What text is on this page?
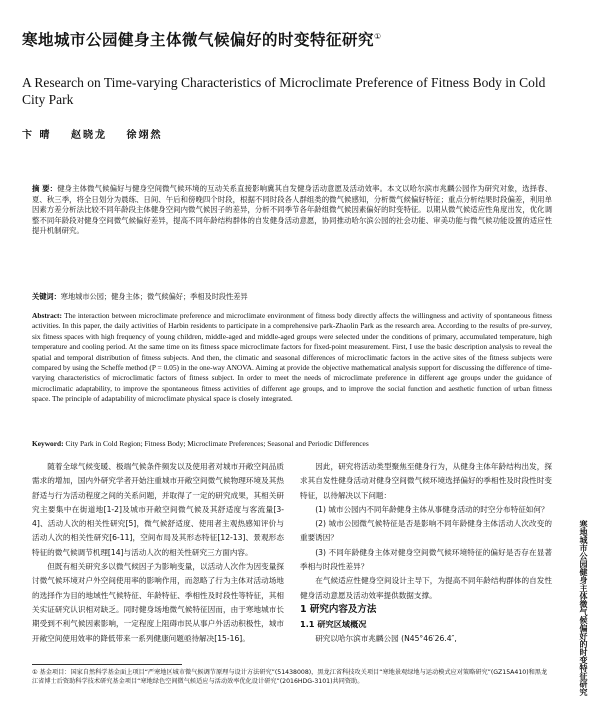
寒地城市公园健身主体微气候偏好的时变特征研究①
A Research on Time-varying Characteristics of Microclimate Preference of Fitness Body in Cold City Park
卞 晴 赵晓龙 徐翊然
摘 要：健身主体微气候偏好与健身空间微气候环境的互动关系直接影响冀其自发健身活动意愿及活动效率。本文以哈尔滨市兆麟公园作为研究对象，选择春、夏、秋三季，将全日划分为晨练、日间、午后和傍晚四个时段，根据不同时段各人群组类的微气候感知，分析微气候偏好特征；重点分析结果时段偏差，利用单因素方差分析法比较不同年龄段主体健身空间内微气候因子的差异，分析不同季节各年龄组微气候因素偏好的时变特征。以期从微气候适应性角度出发，优化调整不同年龄段对健身空间微气候偏好差异，提高不同年龄结构群体的自发健身活动意愿，协同推动哈尔滨公园的社会功能、审美功能与微气候功能设置的适应性提升机制研究。
关键词：寒地城市公园；健身主体；微气候偏好；季相及时段性差异
Abstract: The interaction between microclimate preference and microclimate environment of fitness body directly affects the willingness and activity of spontaneous fitness activities. In this paper, the daily activities of Harbin residents to participate in a comprehensive park-Zhaolin Park as the research area. According to the results of pre-survey, six fitness spaces with high frequency of young children, middle-aged and middle-aged groups were selected under the conditions of primary, accumulated temperature, high temperature and cooling period. At the same time on its fitness space microclimate factors for fixed-point measurement. First, I use the basic description analysis to reveal the spatial and temporal distribution of fitness subjects. And then, the climatic and seasonal differences of microclimatic factors in the active sites of the fitness subjects were compared by using the Scheffe method (P = 0.05) in the one-way ANOVA. Aiming at provide the objective mathematical analysis support for discussing the difference of time-varying characteristics of microclimatic factors of fitness subject. In order to meet the needs of microclimate preference in different age groups under the guidance of microclimatic adaptability, to improve the spontaneous fitness activities of different age groups, and to improve the social function and aesthetic function of urban fitness space. The principle of adaptability of microclimate physical space is closely integrated.
Keyword: City Park in Cold Region; Fitness Body; Microclimate Preferences; Seasonal and Periodic Differences

随着全球气候变暖、极端气候条件频发以及使用者对城市开敞空间品质需求的增加，国内外研究学者开始注重城市开敞空间微气候物理环境及其热舒适与行为活动程度之间的关系问题，并取得了一定的研究成果，其相关研究主要集中在街道地[1-2]及城市开敞空间微气候及其舒适度与客流量[3-4]、活动人次的相关性研究[5]，微气候舒适度、使用者主观热感知评价与活动人次的相关性研究[6-11]，空间布局及其形态特征[12-13]、景观形态特征的微气候调节机理[14]与活动人次的相关性研究三方面内容。

但既有相关研究多以微气候因子为影响变量，以活动人次作为因变量探讨微气候环境对户外空间使用率的影响作用，而忽略了行为主体对活动场地的选择作为目的地域性气候特征、年龄特征、季相性及时段性等特征，其相关实证研究认识相对缺乏。同时健身场地微气候特征因而，由于寒地城市长期受到不利气候因素影响，一定程度上阻碍市民从事户外活动积极性，城市开敞空间使用效率的降低带来一系列健康问题亟待解决[15-16]。

因此，研究将活动类型聚焦至健身行为，从健身主体年龄结构出发，探求其自发性健身活动对健身空间微气候环境选择偏好的季相性及时段性时变特征，以待解决以下问题：

(1) 城市公园内不同年龄健身主体从事健身活动的时空分布特征如何？

(2) 城市公园微气候特征是否是影响不同年龄健身主体活动人次改变的重要诱因？

(3) 不同年龄健身主体对健身空间微气候环境特征的偏好是否存在显著季相与时段性差异？

在气候适应性健身空间设计主导下，为提高不同年龄结构群体的自发性健身活动意愿及活动效率提供数据支撑。

1 研究内容及方法

1.1 研究区域概况

研究以哈尔滨市兆麟公园 (N45°46′26.4″,	寒地城市公园健身主体微气候偏好的时变特征研究
① 基金项目：国家自然科学基金面上项目“严寒地区城市微气候调节原理与设计方法研究”(51438008)，黑龙江省科技攻关项目“寒地景观绿地与运动模式应对策略研究”(GZ15A410)和黑龙江省博士后资助科学技术研究基金项目“寒地绿色空间微气候适应与活动效率优化设计研究”(2016HDG-3101)共同资助。
